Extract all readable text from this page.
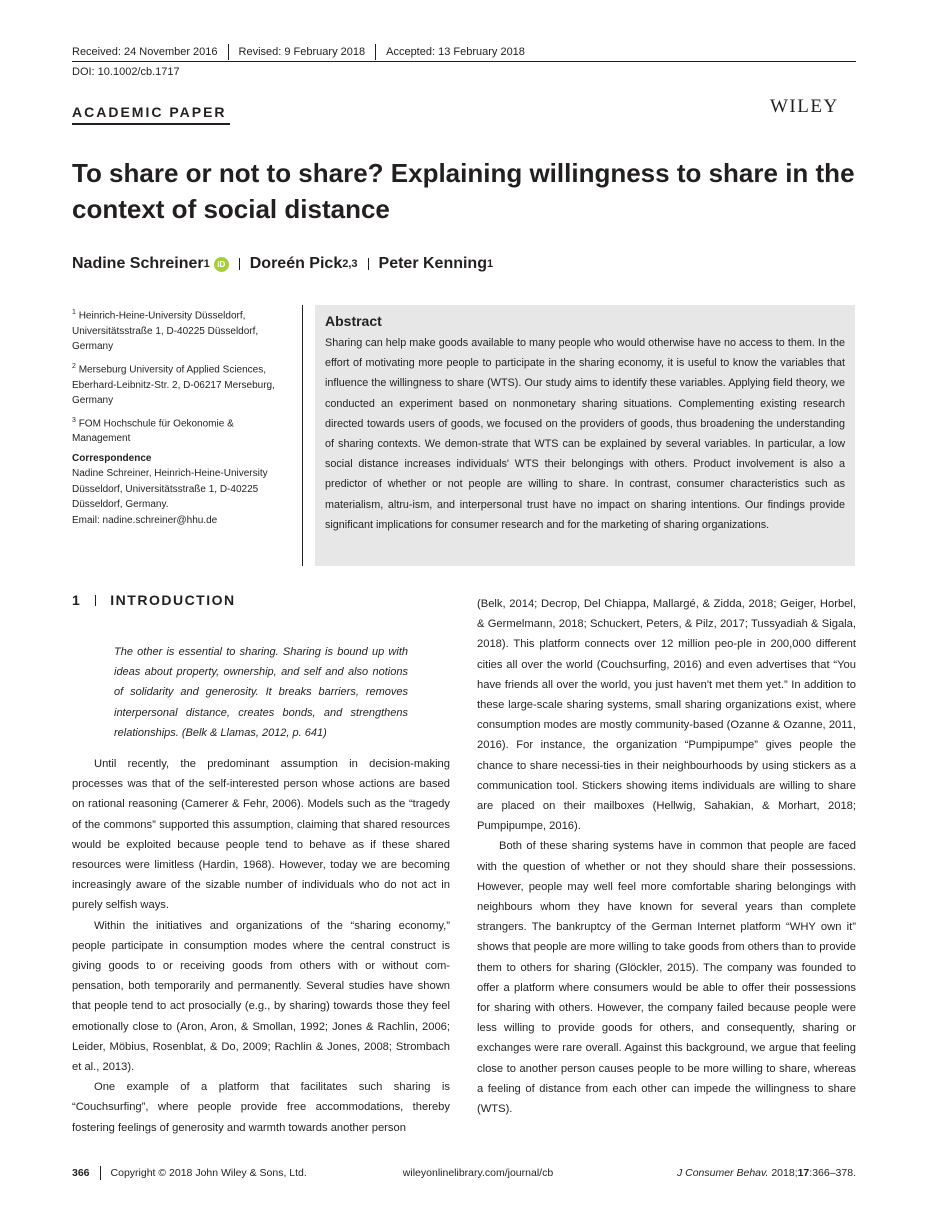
Received: 24 November 2016 Revised: 9 February 2018 Accepted: 13 February 2018
DOI: 10.1002/cb.1717
ACADEMIC PAPER	WILEY
To share or not to share? Explaining willingness to share in the context of social distance
Nadine Schreiner 1 iD Doreén Pick 2,3 Peter Kenning 1

$^1$ Heinrich-Heine-University Düsseldorf, Universitätsstraße 1, D-40225 Düsseldorf, Germany

$^2$ Merseburg University of Applied Sciences, Eberhard-Leibnitz-Str. 2, D-06217 Merseburg, Germany

$^3$ FOM Hochschule für Oekonomie & Management

Correspondence

Nadine Schreiner, Heinrich-Heine-University Düsseldorf, Universitätsstraße 1, D-40225 Düsseldorf, Germany.

Email: nadine.schreiner@hhu.de

Abstract

Sharing can help make goods available to many people who would otherwise have no access to them. In the effort of motivating more people to participate in the sharing economy, it is useful to know the variables that influence the willingness to share (WTS). Our study aims to identify these variables. Applying field theory, we conducted an experiment based on nonmonetary sharing situations. Complementing existing research directed towards users of goods, we focused on the providers of goods, thus broadening the understanding of sharing contexts. We demon-strate that WTS can be explained by several variables. In particular, a low social distance increases individuals' WTS their belongings with others. Product involvement is also a predictor of whether or not people are willing to share. In contrast, consumer characteristics such as materialism, altru-ism, and interpersonal trust have no impact on sharing intentions. Our findings provide significant implications for consumer research and for the marketing of sharing organizations.

1 INTRODUCTION
The other is essential to sharing. Sharing is bound up with ideas about property, ownership, and self and also notions of solidarity and generosity. It breaks barriers, removes interpersonal distance, creates bonds, and strengthens relationships. (Belk & Llamas, 2012, p. 641)

Until recently, the predominant assumption in decision-making processes was that of the self-interested person whose actions are based on rational reasoning (Camerer & Fehr, 2006). Models such as the “tragedy of the commons” supported this assumption, claiming that shared resources would be exploited because people tend to behave as if these shared resources were limitless (Hardin, 1968). However, today we are becoming increasingly aware of the sizable number of individuals who do not act in purely selfish ways.

Within the initiatives and organizations of the “sharing economy,” people participate in consumption modes where the central construct is giving goods to or receiving goods from others with or without com-pensation, both temporarily and permanently. Several studies have shown that people tend to act prosocially (e.g., by sharing) towards those they feel emotionally close to (Aron, Aron, & Smollan, 1992; Jones & Rachlin, 2006; Leider, Möbius, Rosenblat, & Do, 2009; Rachlin & Jones, 2008; Strombach et al., 2013).

One example of a platform that facilitates such sharing is “Couchsurfing”, where people provide free accommodations, thereby fostering feelings of generosity and warmth towards another person

(Belk, 2014; Decrop, Del Chiappa, Mallargé, & Zidda, 2018; Geiger, Horbel, & Germelmann, 2018; Schuckert, Peters, & Pilz, 2017; Tussyadiah & Sigala, 2018). This platform connects over 12 million peo-ple in 200,000 different cities all over the world (Couchsurfing, 2016) and even advertises that “You have friends all over the world, you just haven't met them yet.” In addition to these large-scale sharing systems, small sharing organizations exist, where consumption modes are mostly community-based (Ozanne & Ozanne, 2011, 2016). For instance, the organization “Pumpipumpe” gives people the chance to share necessi-ties in their neighbourhoods by using stickers as a communication tool. Stickers showing items individuals are willing to share are placed on their mailboxes (Hellwig, Sahakian, & Morhart, 2018; Pumpipumpe, 2016).

Both of these sharing systems have in common that people are faced with the question of whether or not they should share their possessions. However, people may well feel more comfortable sharing belongings with neighbours whom they have known for several years than complete strangers. The bankruptcy of the German Internet platform “WHY own it” shows that people are more willing to take goods from others than to provide them to others for sharing (Glöckler, 2015). The company was founded to offer a platform where consumers would be able to offer their possessions for sharing with others. However, the company failed because people were less willing to provide goods for others, and consequently, sharing or exchanges were rare overall. Against this background, we argue that feeling close to another person causes people to be more willing to share, whereas a feeling of distance from each other can impede the willingness to share (WTS).

366 Copyright © 2018 John Wiley & Sons, Ltd.	wileyonlinelibrary.com/journal/cb	J Consumer Behav. 2018;17:366–378.
